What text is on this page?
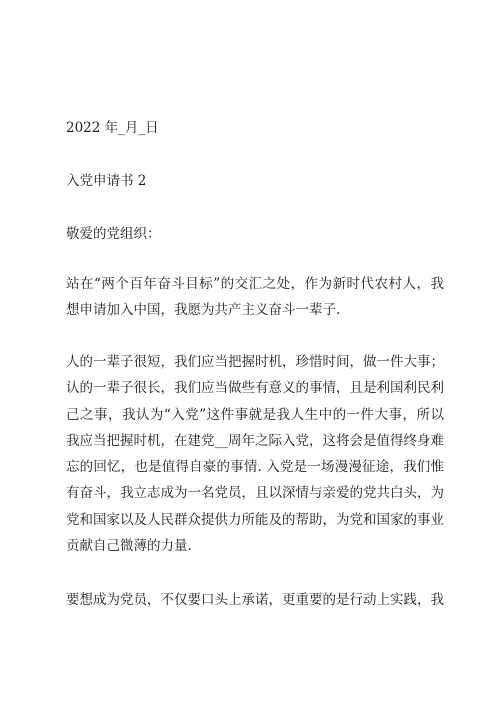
2022 年_月_日
入党申请书 2
敬爱的党组织：
站在“两个百年奋斗目标”的交汇之处，作为新时代农村人，我
想申请加入中国，我愿为共产主义奋斗一辈子.
人的一辈子很短，我们应当把握时机，珍惜时间，做一件大事；
认的一辈子很长，我们应当做些有意义的事情，且是利国利民利
己之事，我认为“入党”这件事就是我人生中的一件大事，所以
我应当把握时机，在建党__周年之际入党，这将会是值得终身难
忘的回忆，也是值得自豪的事情. 入党是一场漫漫征途，我们惟
有奋斗，我立志成为一名党员，且以深情与亲爱的党共白头，为
党和国家以及人民群众提供力所能及的帮助，为党和国家的事业
贡献自己微薄的力量.
要想成为党员，不仅要口头上承诺，更重要的是行动上实践，我
